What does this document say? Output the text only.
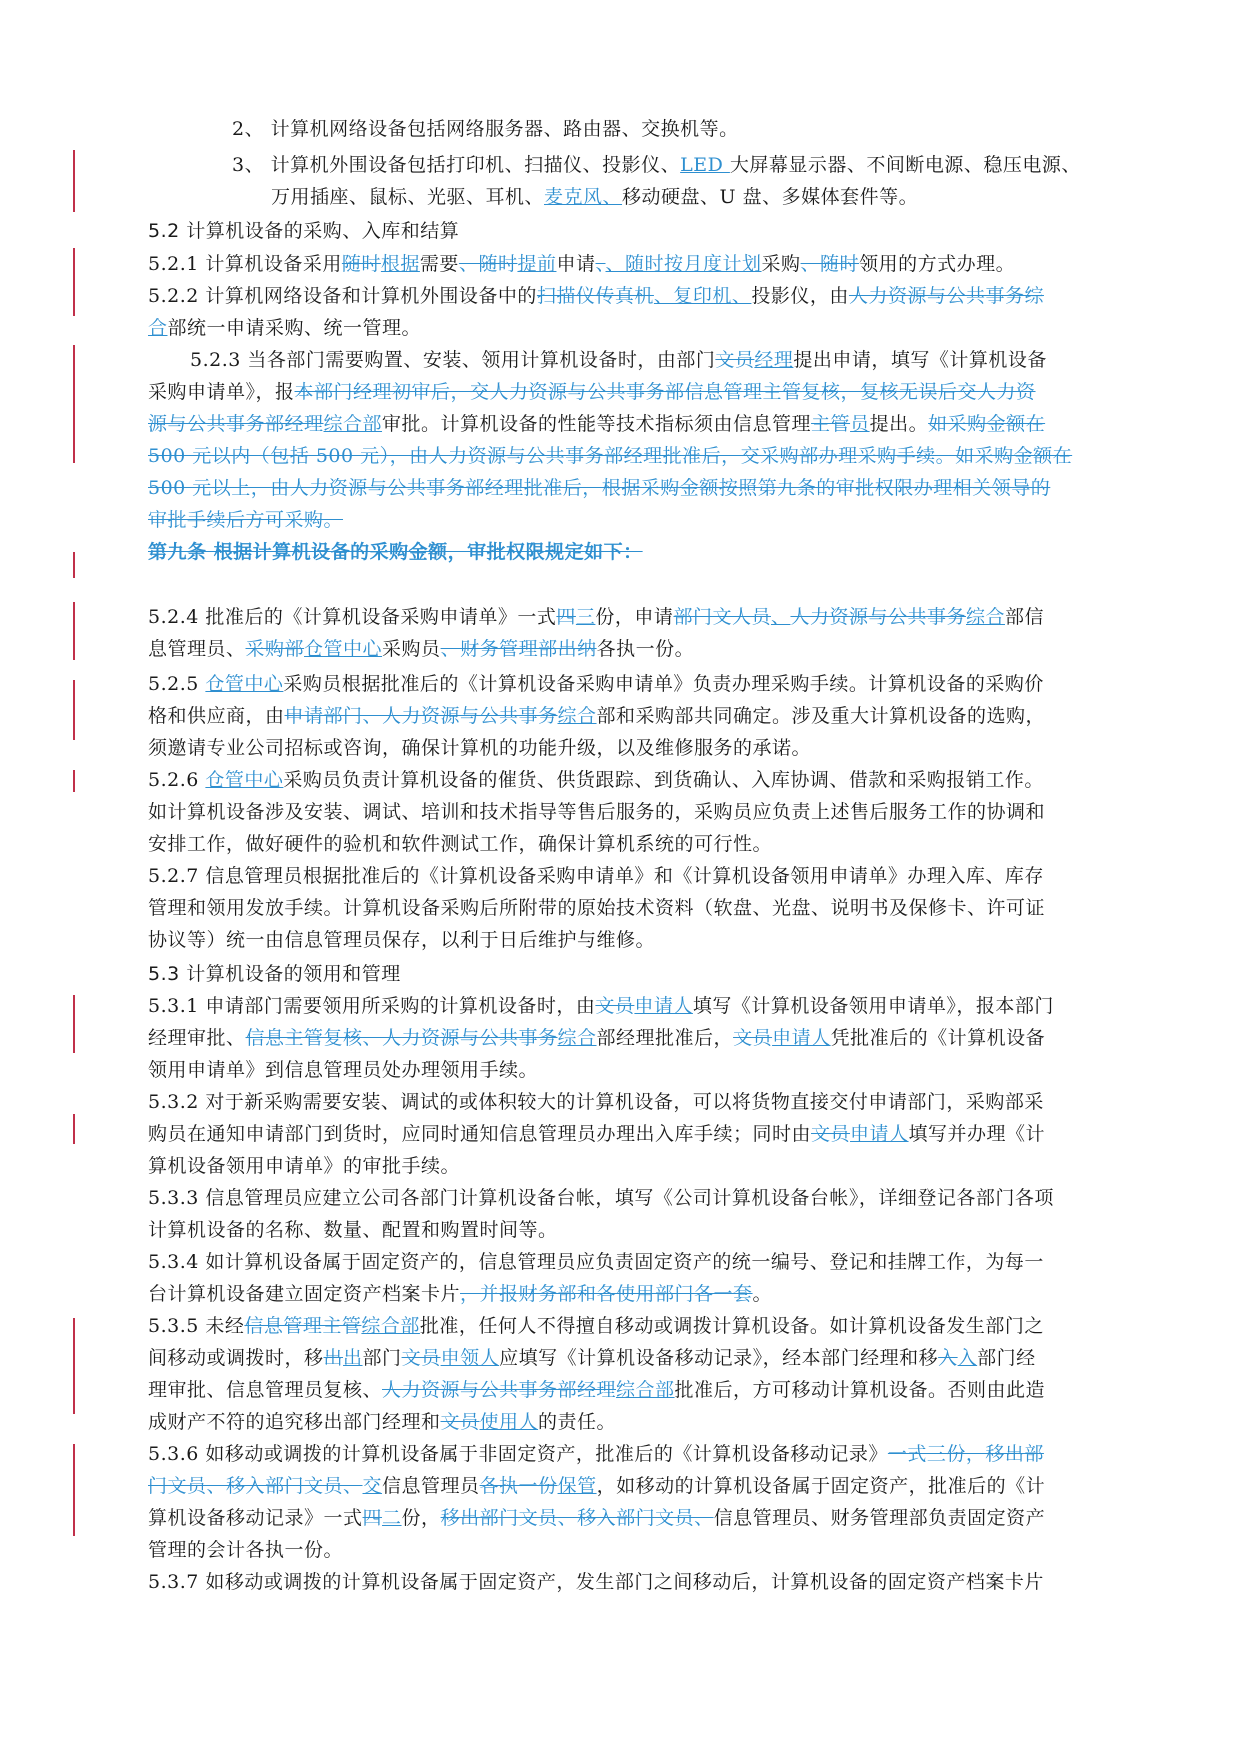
2、 计算机网络设备包括网络服务器、路由器、交换机等。
3、 计算机外围设备包括打印机、扫描仪、投影仪、LED 大屏幕显示器、不间断电源、稳压电源、
万用插座、鼠标、光驱、耳机、麦克风、移动硬盘、U 盘、多媒体套件等。
5.2 计算机设备的采购、入库和结算
5.2.1 计算机设备采用随时根据需要、随时提前申请、、随时按月度计划采购、随时领用的方式办理。
5.2.2 计算机网络设备和计算机外围设备中的扫描仪传真机、复印机、投影仪，由人力资源与公共事务综
合部统一申请采购、统一管理。
5.2.3 当各部门需要购置、安装、领用计算机设备时，由部门文员经理提出申请，填写《计算机设备
采购申请单》，报本部门经理初审后，交人力资源与公共事务部信息管理主管复核，复核无误后交人力资
源与公共事务部经理综合部审批。计算机设备的性能等技术指标须由信息管理主管员提出。如采购金额在
500 元以内（包括 500 元），由人力资源与公共事务部经理批准后，交采购部办理采购手续。如采购金额在
500 元以上，由人力资源与公共事务部经理批准后，根据采购金额按照第九条的审批权限办理相关领导的
审批手续后方可采购。
第九条 根据计算机设备的采购金额，审批权限规定如下：
5.2.4 批准后的《计算机设备采购申请单》一式四三份，申请部门文人员、人力资源与公共事务综合部信
息管理员、采购部仓管中心采购员、财务管理部出纳各执一份。
5.2.5 仓管中心采购员根据批准后的《计算机设备采购申请单》负责办理采购手续。计算机设备的采购价
格和供应商，由申请部门、人力资源与公共事务综合部和采购部共同确定。涉及重大计算机设备的选购，
须邀请专业公司招标或咨询，确保计算机的功能升级，以及维修服务的承诺。
5.2.6 仓管中心采购员负责计算机设备的催货、供货跟踪、到货确认、入库协调、借款和采购报销工作。
如计算机设备涉及安装、调试、培训和技术指导等售后服务的，采购员应负责上述售后服务工作的协调和
安排工作，做好硬件的验机和软件测试工作，确保计算机系统的可行性。
5.2.7 信息管理员根据批准后的《计算机设备采购申请单》和《计算机设备领用申请单》办理入库、库存
管理和领用发放手续。计算机设备采购后所附带的原始技术资料（软盘、光盘、说明书及保修卡、许可证
协议等）统一由信息管理员保存，以利于日后维护与维修。
5.3 计算机设备的领用和管理
5.3.1 申请部门需要领用所采购的计算机设备时，由文员申请人填写《计算机设备领用申请单》，报本部门
经理审批、信息主管复核、人力资源与公共事务综合部经理批准后，文员申请人凭批准后的《计算机设备
领用申请单》到信息管理员处办理领用手续。
5.3.2 对于新采购需要安装、调试的或体积较大的计算机设备，可以将货物直接交付申请部门，采购部采
购员在通知申请部门到货时，应同时通知信息管理员办理出入库手续；同时由文员申请人填写并办理《计
算机设备领用申请单》的审批手续。
5.3.3 信息管理员应建立公司各部门计算机设备台帐，填写《公司计算机设备台帐》，详细登记各部门各项
计算机设备的名称、数量、配置和购置时间等。
5.3.4 如计算机设备属于固定资产的，信息管理员应负责固定资产的统一编号、登记和挂牌工作，为每一
台计算机设备建立固定资产档案卡片，并报财务部和各使用部门各一套。
5.3.5 未经信息管理主管综合部批准，任何人不得擅自移动或调拨计算机设备。如计算机设备发生部门之
间移动或调拨时，移出出部门文员申领人应填写《计算机设备移动记录》，经本部门经理和移入入部门经
理审批、信息管理员复核、人力资源与公共事务部经理综合部批准后，方可移动计算机设备。否则由此造
成财产不符的追究移出部门经理和文员使用人的责任。
5.3.6 如移动或调拨的计算机设备属于非固定资产，批准后的《计算机设备移动记录》一式三份，移出部
门文员、移入部门文员、交信息管理员各执一份保管，如移动的计算机设备属于固定资产，批准后的《计
算机设备移动记录》一式四二份，移出部门文员、移入部门文员、信息管理员、财务管理部负责固定资产
管理的会计各执一份。
5.3.7 如移动或调拨的计算机设备属于固定资产，发生部门之间移动后，计算机设备的固定资产档案卡片
